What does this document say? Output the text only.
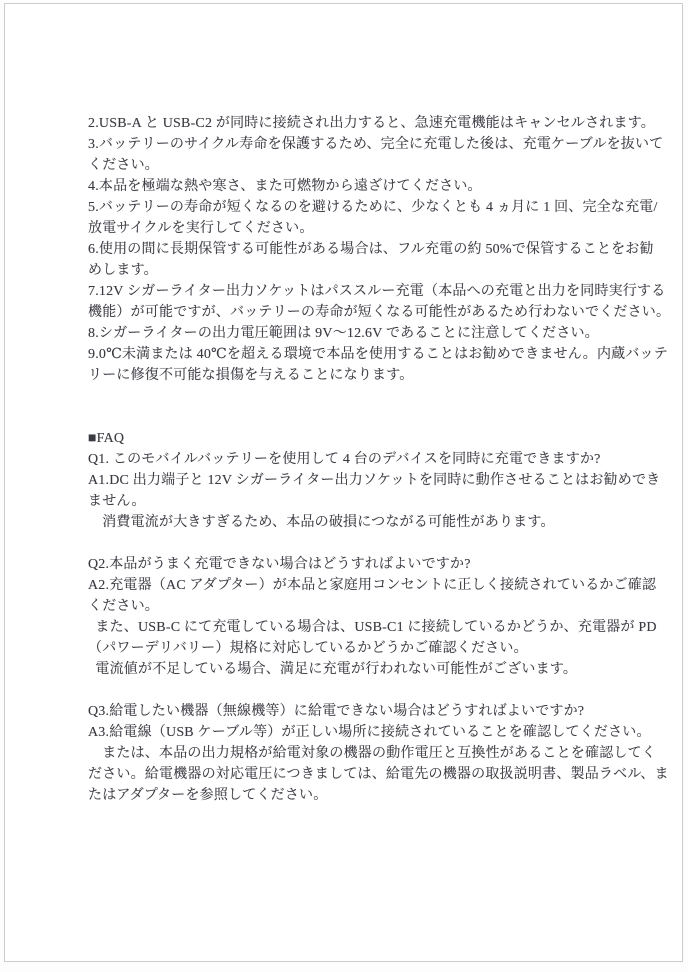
2.USB-A と USB-C2 が同時に接続され出力すると、急速充電機能はキャンセルされます。
3.バッテリーのサイクル寿命を保護するため、完全に充電した後は、充電ケーブルを抜いて
ください。
4.本品を極端な熱や寒さ、また可燃物から遠ざけてください。
5.バッテリーの寿命が短くなるのを避けるために、少なくとも 4 ヵ月に 1 回、完全な充電/
放電サイクルを実行してください。
6.使用の間に長期保管する可能性がある場合は、フル充電の約 50%で保管することをお勧
めします。
7.12V シガーライター出力ソケットはパススルー充電（本品への充電と出力を同時実行する
機能）が可能ですが、バッテリーの寿命が短くなる可能性があるため行わないでください。
8.シガーライターの出力電圧範囲は 9V～12.6V であることに注意してください。
9.0℃未満または 40℃を超える環境で本品を使用することはお勧めできません。内蔵バッテ
リーに修復不可能な損傷を与えることになります。
■FAQ
Q1. このモバイルバッテリーを使用して 4 台のデバイスを同時に充電できますか?
A1.DC 出力端子と 12V シガーライター出力ソケットを同時に動作させることはお勧めでき
ません。
　消費電流が大きすぎるため、本品の破損につながる可能性があります。
Q2.本品がうまく充電できない場合はどうすればよいですか?
A2.充電器（AC アダプター）が本品と家庭用コンセントに正しく接続されているかご確認
ください。
また、USB-C にて充電している場合は、USB-C1 に接続しているかどうか、充電器が PD
（パワーデリバリー）規格に対応しているかどうかご確認ください。
電流値が不足している場合、満足に充電が行われない可能性がございます。
Q3.給電したい機器（無線機等）に給電できない場合はどうすればよいですか?
A3.給電線（USB ケーブル等）が正しい場所に接続されていることを確認してください。
　または、本品の出力規格が給電対象の機器の動作電圧と互換性があることを確認してく
ださい。給電機器の対応電圧につきましては、給電先の機器の取扱説明書、製品ラベル、ま
たはアダプターを参照してください。
